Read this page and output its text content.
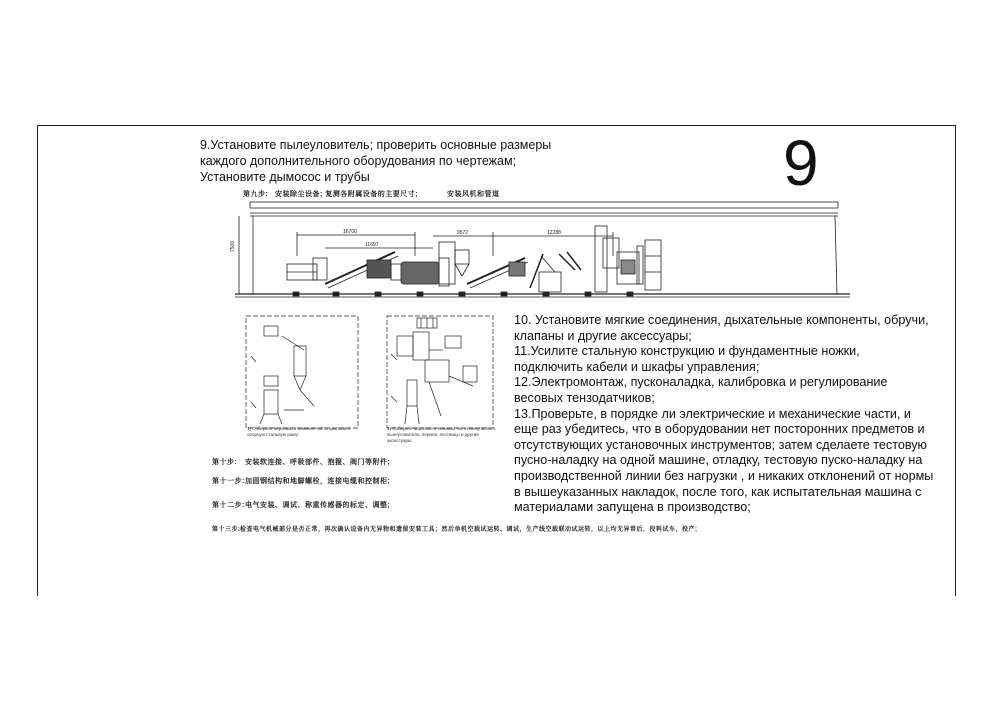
9
9.Установите пылеуловитель; проверить основные размеры
каждого дополнительного оборудования по чертежам;
Установите дымосос и трубы
第九步: 安装除尘设备; 复测各附属设备的主要尺寸;	安装风机和管道
16700
11697
9572	12288
7500
1) Соберите верхнюю и нижнюю части циклона и опорную стальную раму;
1) Соберите верхнюю и нижнюю части импульсного пылеуловителя, перила, лестницы и другие аксессуары;
第十步: 安装软连接、呼吸部件、抱箍、阀门等附件;
第十一步: 加固钢结构和地脚螺栓，连接电缆和控制柜;
第十二步: 电气安装、调试、称重传感器的标定、调整;
第十三步: 检查电气机械部分是否正常，再次确认设备内无异物和遗留安装工具；然后单机空载试运转、调试，生产线空载联动试运转，以上均无异常后，投料试车，投产;

10. Установите мягкие соединения, дыхательные компоненты, обручи,

клапаны и другие аксессуары;

11.Усилите стальную конструкцию и фундаментные ножки,

подключить кабели и шкафы управления;

12.Электромонтаж, пусконаладка, калибровка и регулирование

весовых тензодатчиков;

13.Проверьте, в порядке ли электрические и механические части, и

еще раз убедитесь, что в оборудовании нет посторонних предметов и

отсутствующих установочных инструментов; затем сделаете тестовую

пусно-наладку на одной машине, отладку, тестовую пуско-наладку на

производственной линии без нагрузки , и никаких отклонений от нормы

в вышеуказанных накладок, после того, как испытательная машина с

материалами запущена в производство;
